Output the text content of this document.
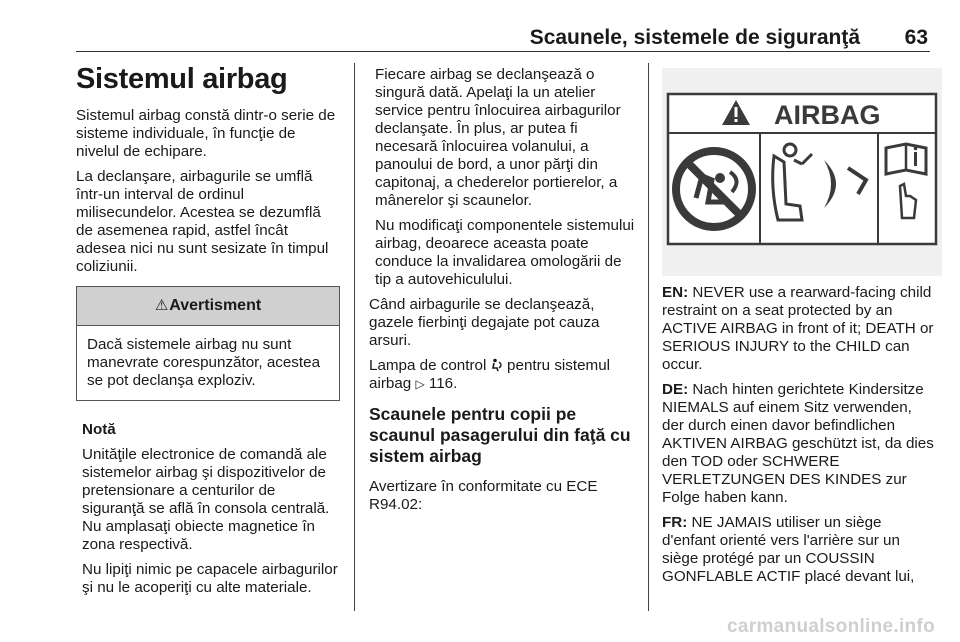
Scaunele, sistemele de siguranţă	63
Sistemul airbag

Sistemul airbag constă dintr-o serie de sisteme individuale, în funcţie de nivelul de echipare.

La declanşare, airbagurile se umflă într-un interval de ordinul milisecundelor. Acestea se dezumflă de asemenea rapid, astfel încât adesea nici nu sunt sesizate în timpul coliziunii.

⚠ Avertisment
Dacă sistemele airbag nu sunt manevrate corespunzător, acestea se pot declanşa exploziv.

Notă

Unităţile electronice de comandă ale sistemelor airbag şi dispozitivelor de pretensionare a centurilor de siguranţă se află în consola centrală. Nu amplasaţi obiecte magnetice în zona respectivă.

Nu lipiţi nimic pe capacele airbagurilor şi nu le acoperiţi cu alte materiale.

Fiecare airbag se declanşează o singură dată. Apelaţi la un atelier service pentru înlocuirea airbagurilor declanşate. În plus, ar putea fi necesară înlocuirea volanului, a panoului de bord, a unor părţi din capitonaj, a chederelor portierelor, a mânerelor şi scaunelor.

Nu modificaţi componentele sistemului airbag, deoarece aceasta poate conduce la invalidarea omologării de tip a autovehiculului.

Când airbagurile se declanşează, gazele fierbinţi degajate pot cauza arsuri.

Lampa de control pentru sistemul airbag ▷ 116.

Scaunele pentru copii pe scaunul pasagerului din faţă cu sistem airbag

Avertizare în conformitate cu ECE R94.02:

AIRBAG

EN: NEVER use a rearward-facing child restraint on a seat protected by an ACTIVE AIRBAG in front of it; DEATH or SERIOUS INJURY to the CHILD can occur.

DE: Nach hinten gerichtete Kindersitze NIEMALS auf einem Sitz verwenden, der durch einen davor befindlichen AKTIVEN AIRBAG geschützt ist, da dies den TOD oder SCHWERE VERLETZUNGEN DES KINDES zur Folge haben kann.

FR: NE JAMAIS utiliser un siège d'enfant orienté vers l'arrière sur un siège protégé par un COUSSIN GONFLABLE ACTIF placé devant lui,

carmanualsonline.info
